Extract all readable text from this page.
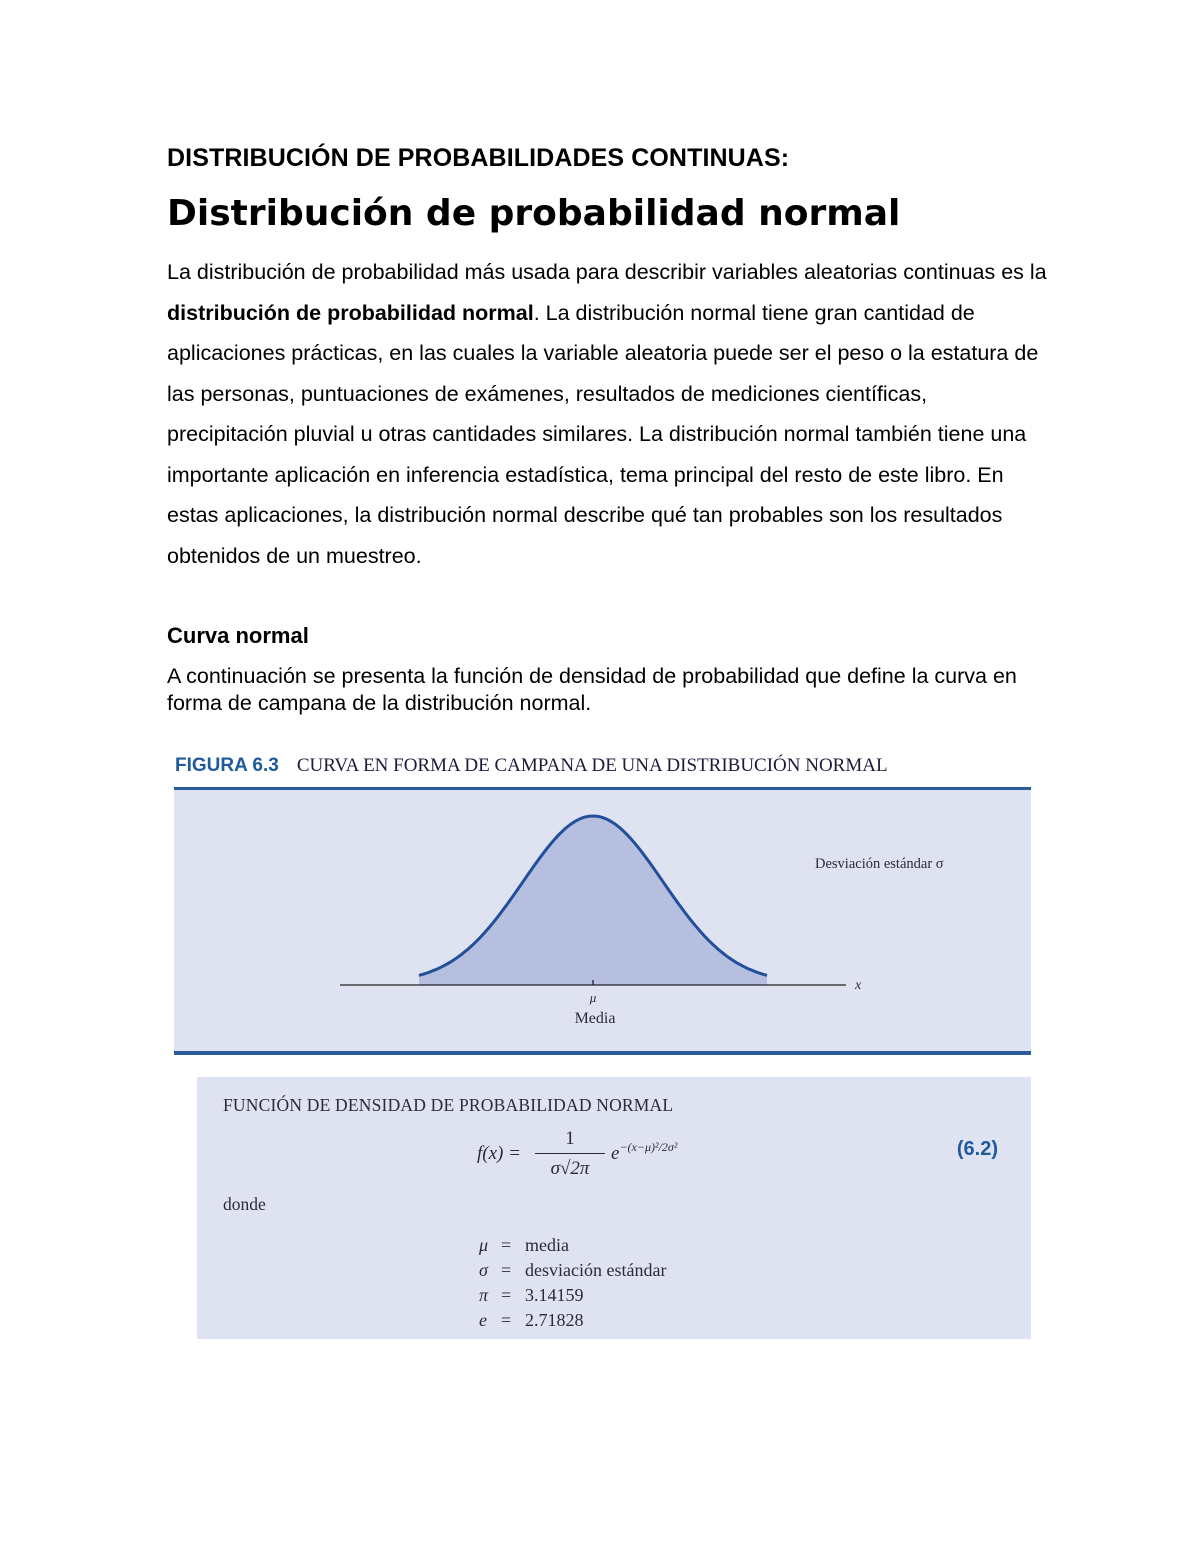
DISTRIBUCIÓN DE PROBABILIDADES CONTINUAS:
Distribución de probabilidad normal

La distribución de probabilidad más usada para describir variables aleatorias continuas es la distribución de probabilidad normal. La distribución normal tiene gran cantidad de aplicaciones prácticas, en las cuales la variable aleatoria puede ser el peso o la estatura de las personas, puntuaciones de exámenes, resultados de mediciones científicas, precipitación pluvial u otras cantidades similares. La distribución normal también tiene una importante aplicación en inferencia estadística, tema principal del resto de este libro. En estas aplicaciones, la distribución normal describe qué tan probables son los resultados obtenidos de un muestreo.

Curva normal

A continuación se presenta la función de densidad de probabilidad que define la curva en forma de campana de la distribución normal.

FIGURA 6.3 CURVA EN FORMA DE CAMPANA DE UNA DISTRIBUCIÓN NORMAL
x
μ
Media
Desviación estándar σ

FUNCIÓN DE DENSIDAD DE PROBABILIDAD NORMAL

f(x) =
1
σ√2π
$e^{-(x-\mu)^2/2\sigma^2}$	(6.2)

donde

μ = media
σ = desviación estándar
π = 3.14159
e = 2.71828
